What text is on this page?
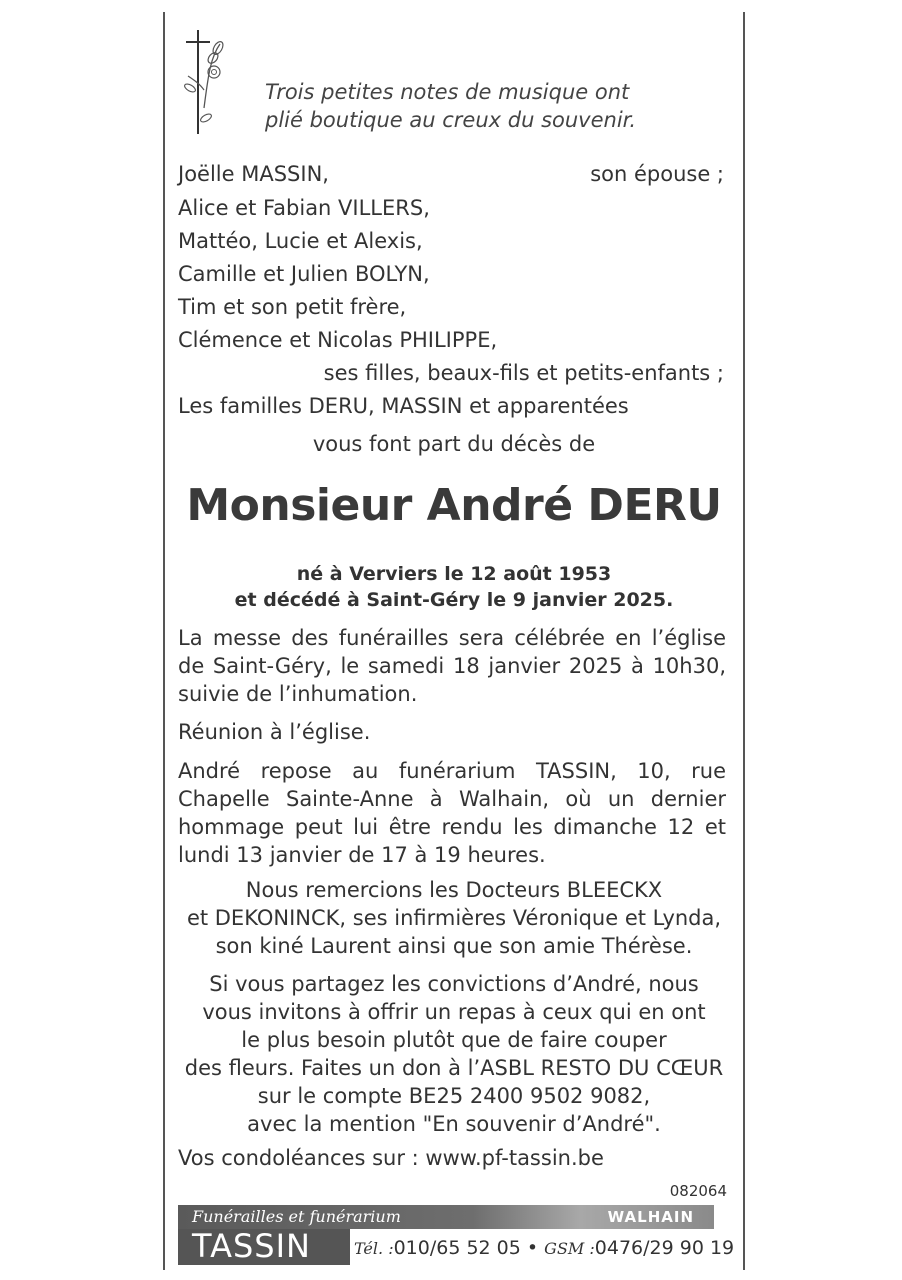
Trois petites notes de musique ont
plié boutique au creux du souvenir.
Joëlle MASSIN,	son épouse ;
Alice et Fabian VILLERS,
Mattéo, Lucie et Alexis,
Camille et Julien BOLYN,
Tim et son petit frère,
Clémence et Nicolas PHILIPPE,
ses filles, beaux-fils et petits-enfants ;
Les familles DERU, MASSIN et apparentées
vous font part du décès de
Monsieur André DERU
né à Verviers le 12 août 1953
et décédé à Saint-Géry le 9 janvier 2025.
La messe des funérailles sera célébrée en l’église
de Saint-Géry, le samedi 18 janvier 2025 à 10h30,
suivie de l’inhumation.
Réunion à l’église.
André repose au funérarium TASSIN, 10, rue
Chapelle Sainte-Anne à Walhain, où un dernier
hommage peut lui être rendu les dimanche 12 et
lundi 13 janvier de 17 à 19 heures.
Nous remercions les Docteurs BLEECKX
et DEKONINCK, ses infirmières Véronique et Lynda,
son kiné Laurent ainsi que son amie Thérèse.
Si vous partagez les convictions d’André, nous
vous invitons à offrir un repas à ceux qui en ont
le plus besoin plutôt que de faire couper
des fleurs. Faites un don à l’ASBL RESTO DU CŒUR
sur le compte BE25 2400 9502 9082,
avec la mention "En souvenir d’André".
Vos condoléances sur : www.pf-tassin.be
082064
Funérailles et funérarium	WALHAIN
TASSIN	Tél. :010/65 52 05 • GSM :0476/29 90 19
